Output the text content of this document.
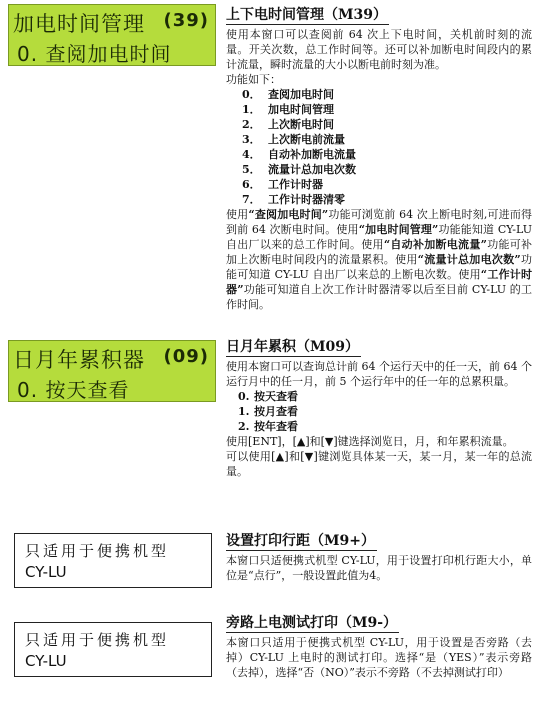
加电时间管理 (39)
0. 查阅加电时间
日月年累积器 (09)
0. 按天查看
只适用于便携机型
CY-LU
只适用于便携机型
CY-LU
上下电时间管理（M39）

使用本窗口可以查阅前 64 次上下电时间，关机前时刻的流量。开关次数，总工作时间等。还可以补加断电时间段内的累计流量，瞬时流量的大小以断电前时刻为准。

功能如下：

0． 查阅加电时间
1． 加电时间管理
2． 上次断电时间
3． 上次断电前流量
4． 自动补加断电流量
5． 流量计总加电次数
6． 工作计时器
7． 工作计时器清零

使用“查阅加电时间”功能可浏览前 64 次上断电时刻,可进而得到前 64 次断电时间。使用“加电时间管理”功能能知道 CY-LU 自出厂以来的总工作时间。使用“自动补加断电流量”功能可补加上次断电时间段内的流量累积。使用“流量计总加电次数”功能可知道 CY-LU 自出厂以来总的上断电次数。使用“工作计时器”功能可知道自上次工作计时器清零以后至目前 CY-LU 的工作时间。

日月年累积（M09）

使用本窗口可以查询总计前 64 个运行天中的任一天，前 64 个运行月中的任一月，前 5 个运行年中的任一年的总累积量。

0. 按天查看
1. 按月查看
2. 按年查看

使用[ENT]，[▲]和[▼]键选择浏览日，月，和年累积流量。

可以使用[▲]和[▼]键浏览具体某一天，某一月，某一年的总流量。

设置打印行距（M9+）

本窗口只适便携式机型 CY-LU，用于设置打印机行距大小，单位是“点行”，一般设置此值为4。

旁路上电测试打印（M9-）

本窗口只适用于便携式机型 CY-LU，用于设置是否旁路（去掉）CY-LU 上电时的测试打印。选择“是（YES）”表示旁路（去掉），选择“否（NO）”表示不旁路（不去掉测试打印）
